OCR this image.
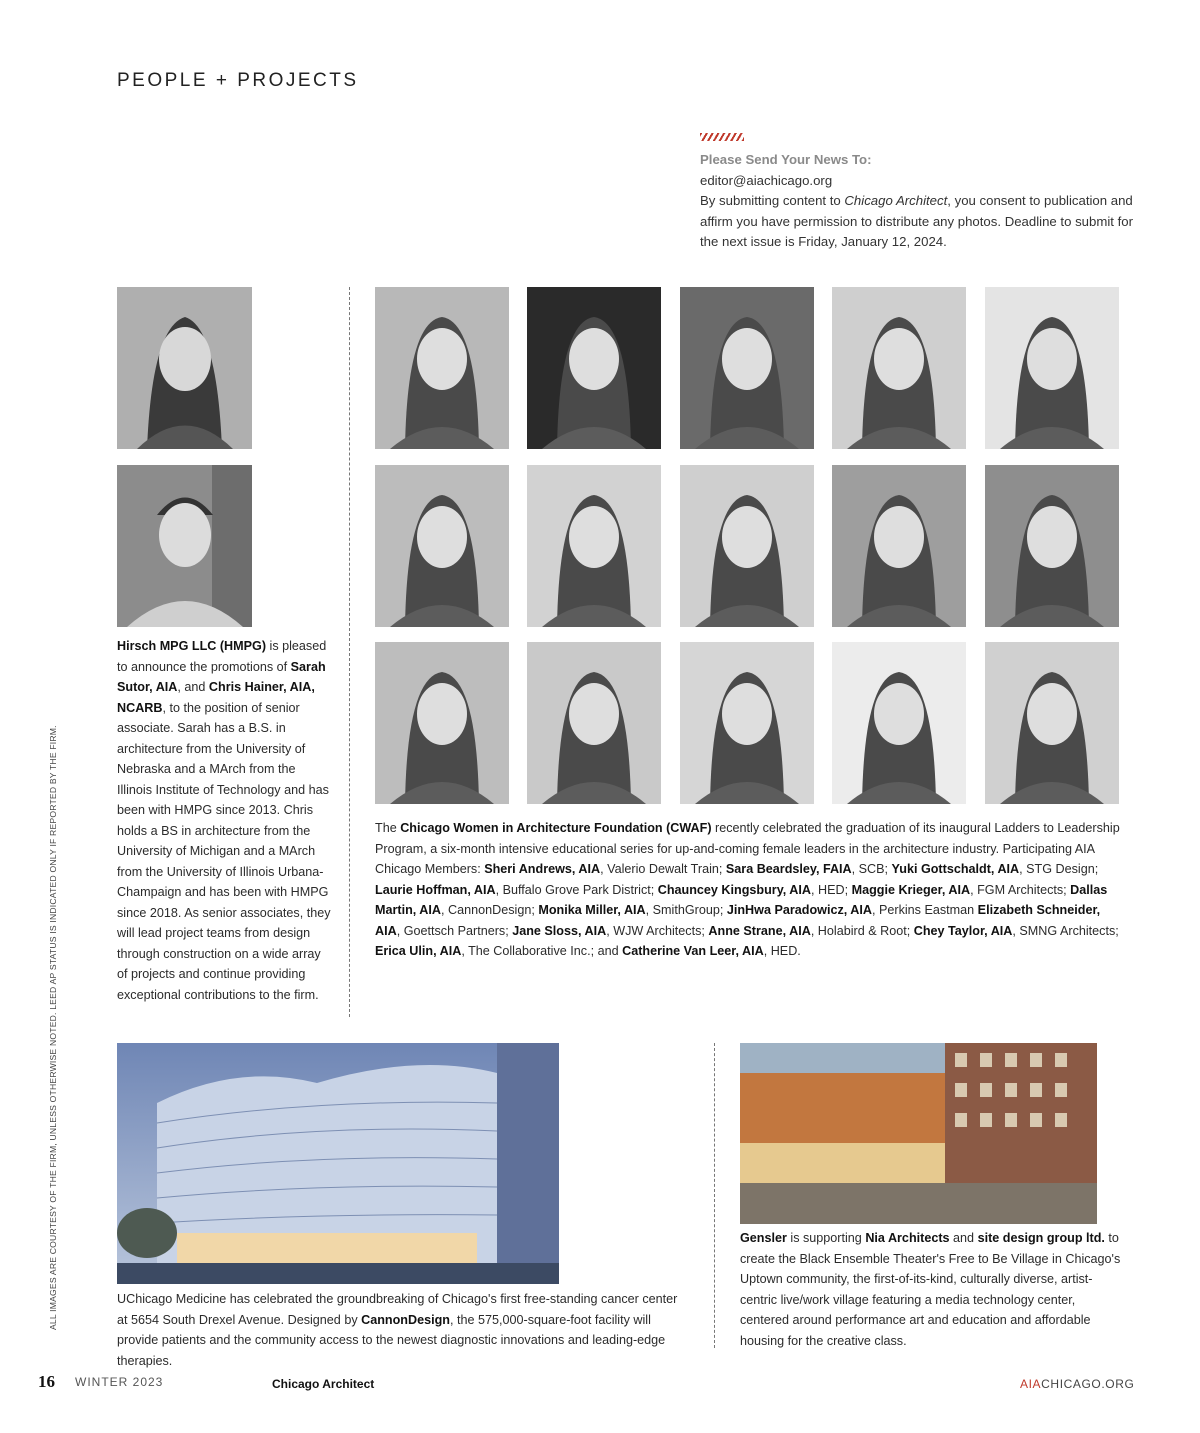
PEOPLE + PROJECTS
Please Send Your News To:
editor@aiachicago.org
By submitting content to Chicago Architect, you consent to publication and affirm you have permission to distribute any photos. Deadline to submit for the next issue is Friday, January 12, 2024.
Hirsch MPG LLC (HMPG) is pleased to announce the promotions of Sarah Sutor, AIA, and Chris Hainer, AIA, NCARB, to the position of senior associate. Sarah has a B.S. in architecture from the University of Nebraska and a MArch from the Illinois Institute of Technology and has been with HMPG since 2013. Chris holds a BS in architecture from the University of Michigan and a MArch from the University of Illinois Urbana-Champaign and has been with HMPG since 2018. As senior associates, they will lead project teams from design through construction on a wide array of projects and continue providing exceptional contributions to the firm.
The Chicago Women in Architecture Foundation (CWAF) recently celebrated the graduation of its inaugural Ladders to Leadership Program, a six-month intensive educational series for up-and-coming female leaders in the architecture industry. Participating AIA Chicago Members: Sheri Andrews, AIA, Valerio Dewalt Train; Sara Beardsley, FAIA, SCB; Yuki Gottschaldt, AIA, STG Design; Laurie Hoffman, AIA, Buffalo Grove Park District; Chauncey Kingsbury, AIA, HED; Maggie Krieger, AIA, FGM Architects; Dallas Martin, AIA, CannonDesign; Monika Miller, AIA, SmithGroup; JinHwa Paradowicz, AIA, Perkins Eastman Elizabeth Schneider, AIA, Goettsch Partners; Jane Sloss, AIA, WJW Architects; Anne Strane, AIA, Holabird & Root; Chey Taylor, AIA, SMNG Architects; Erica Ulin, AIA, The Collaborative Inc.; and Catherine Van Leer, AIA, HED.
UChicago Medicine has celebrated the groundbreaking of Chicago's first free-standing cancer center at 5654 South Drexel Avenue. Designed by CannonDesign, the 575,000-square-foot facility will provide patients and the community access to the newest diagnostic innovations and leading-edge therapies.
Gensler is supporting Nia Architects and site design group ltd. to create the Black Ensemble Theater's Free to Be Village in Chicago's Uptown community, the first-of-its-kind, culturally diverse, artist-centric live/work village featuring a media technology center, centered around performance art and education and affordable housing for the creative class.
ALL IMAGES ARE COURTESY OF THE FIRM, UNLESS OTHERWISE NOTED. LEED AP STATUS IS INDICATED ONLY IF REPORTED BY THE FIRM.
16 WINTER 2023	Chicago Architect	AIACHICAGO.ORG
